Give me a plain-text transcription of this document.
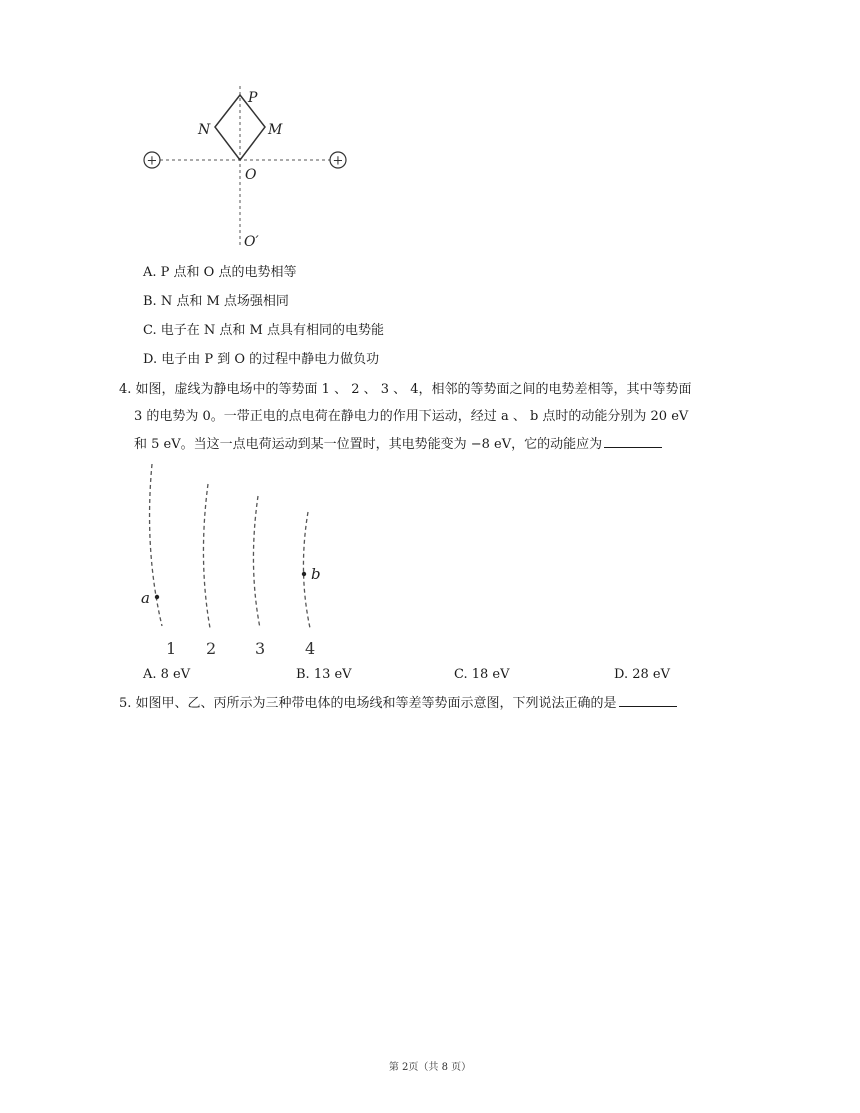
+	+
P
N	M
O
O′
A. P 点和 O 点的电势相等
B. N 点和 M 点场强相同
C. 电子在 N 点和 M 点具有相同的电势能
D. 电子由 P 到 O 的过程中静电力做负功
4. 如图，虚线为静电场中的等势面 1 、 2 、 3 、 4，相邻的等势面之间的电势差相等，其中等势面
3 的电势为 0。一带正电的点电荷在静电力的作用下运动，经过 a 、 b 点时的动能分别为 20 eV
和 5 eV。当这一点电荷运动到某一位置时，其电势能变为 −8 eV，它的动能应为
a
b
1 2 3 4
A. 8 eV	B. 13 eV	C. 18 eV	D. 28 eV
5. 如图甲、乙、丙所示为三种带电体的电场线和等差等势面示意图，下列说法正确的是
第 2页（共 8 页）
